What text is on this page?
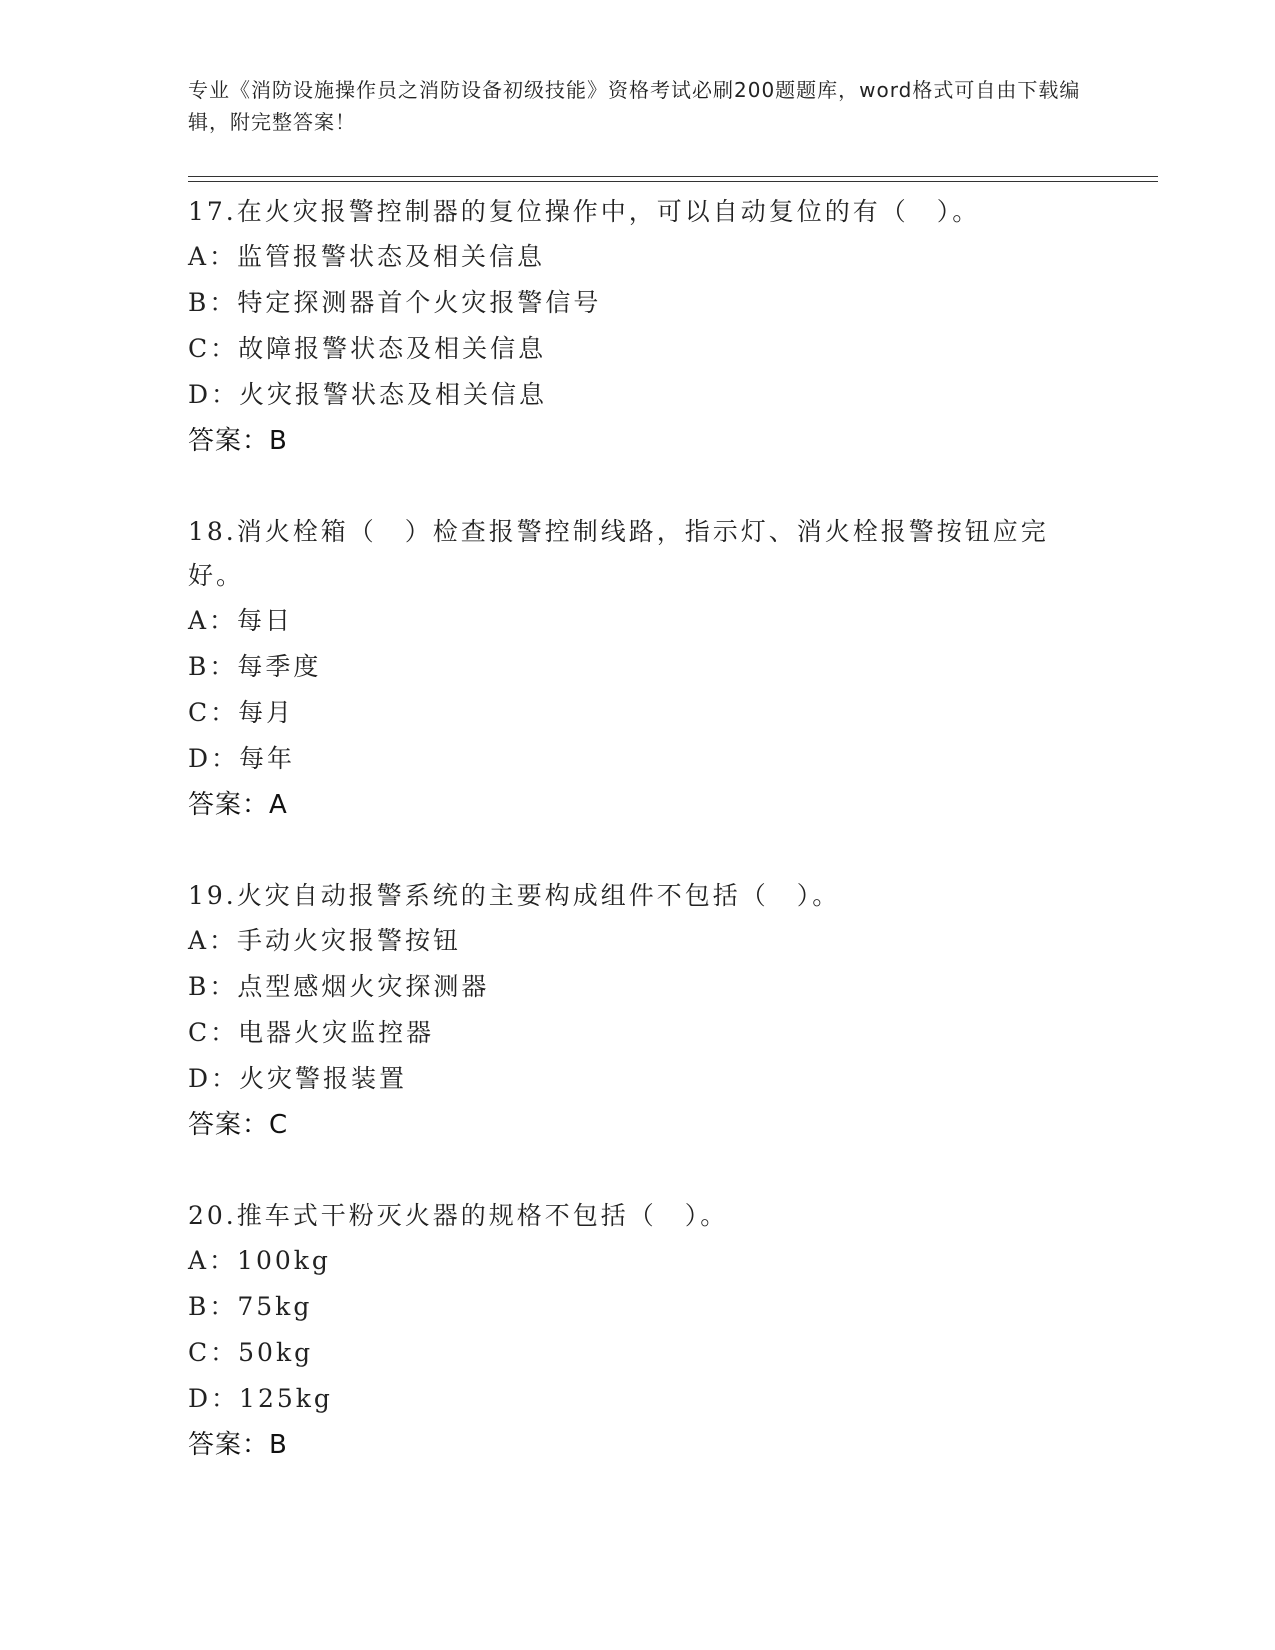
专业《消防设施操作员之消防设备初级技能》资格考试必刷200题题库，word格式可自由下载编辑，附完整答案！
17.在火灾报警控制器的复位操作中，可以自动复位的有（　）。
A：监管报警状态及相关信息
B：特定探测器首个火灾报警信号
C：故障报警状态及相关信息
D：火灾报警状态及相关信息
答案：B
18.消火栓箱（　）检查报警控制线路，指示灯、消火栓报警按钮应完好。
A：每日
B：每季度
C：每月
D：每年
答案：A
19.火灾自动报警系统的主要构成组件不包括（　）。
A：手动火灾报警按钮
B：点型感烟火灾探测器
C：电器火灾监控器
D：火灾警报装置
答案：C
20.推车式干粉灭火器的规格不包括（　）。
A：100kg
B：75kg
C：50kg
D：125kg
答案：B
